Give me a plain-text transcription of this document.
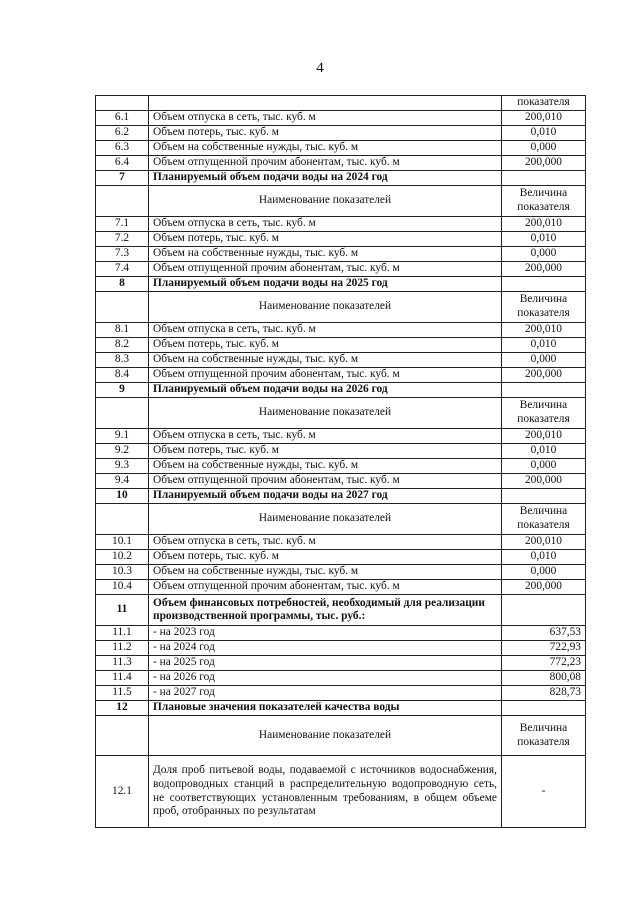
4
		показателя
6.1	Объем отпуска в сеть, тыс. куб. м	200,010
6.2	Объем потерь, тыс. куб. м	0,010
6.3	Объем на собственные нужды, тыс. куб. м	0,000
6.4	Объем отпущенной прочим абонентам, тыс. куб. м	200,000
7	Планируемый объем подачи воды на 2024 год	
	Наименование показателей	Величина показателя
7.1	Объем отпуска в сеть, тыс. куб. м	200,010
7.2	Объем потерь, тыс. куб. м	0,010
7.3	Объем на собственные нужды, тыс. куб. м	0,000
7.4	Объем отпущенной прочим абонентам, тыс. куб. м	200,000
8	Планируемый объем подачи воды на 2025 год	
	Наименование показателей	Величина показателя
8.1	Объем отпуска в сеть, тыс. куб. м	200,010
8.2	Объем потерь, тыс. куб. м	0,010
8.3	Объем на собственные нужды, тыс. куб. м	0,000
8.4	Объем отпущенной прочим абонентам, тыс. куб. м	200,000
9	Планируемый объем подачи воды на 2026 год	
	Наименование показателей	Величина показателя
9.1	Объем отпуска в сеть, тыс. куб. м	200,010
9.2	Объем потерь, тыс. куб. м	0,010
9.3	Объем на собственные нужды, тыс. куб. м	0,000
9.4	Объем отпущенной прочим абонентам, тыс. куб. м	200,000
10	Планируемый объем подачи воды на 2027 год	
	Наименование показателей	Величина показателя
10.1	Объем отпуска в сеть, тыс. куб. м	200,010
10.2	Объем потерь, тыс. куб. м	0,010
10.3	Объем на собственные нужды, тыс. куб. м	0,000
10.4	Объем отпущенной прочим абонентам, тыс. куб. м	200,000
11	Объем финансовых потребностей, необходимый для реализации производственной программы, тыс. руб.:	
11.1	- на 2023 год	637,53
11.2	- на 2024 год	722,93
11.3	- на 2025 год	772,23
11.4	- на 2026 год	800,08
11.5	- на 2027 год	828,73
12	Плановые значения показателей качества воды	
	Наименование показателей	Величина показателя
12.1	Доля проб питьевой воды, подаваемой с источников водоснабжения, водопроводных станций в распределительную водопроводную сеть, не соответствующих установленным требованиям, в общем объеме проб, отобранных по результатам	-
